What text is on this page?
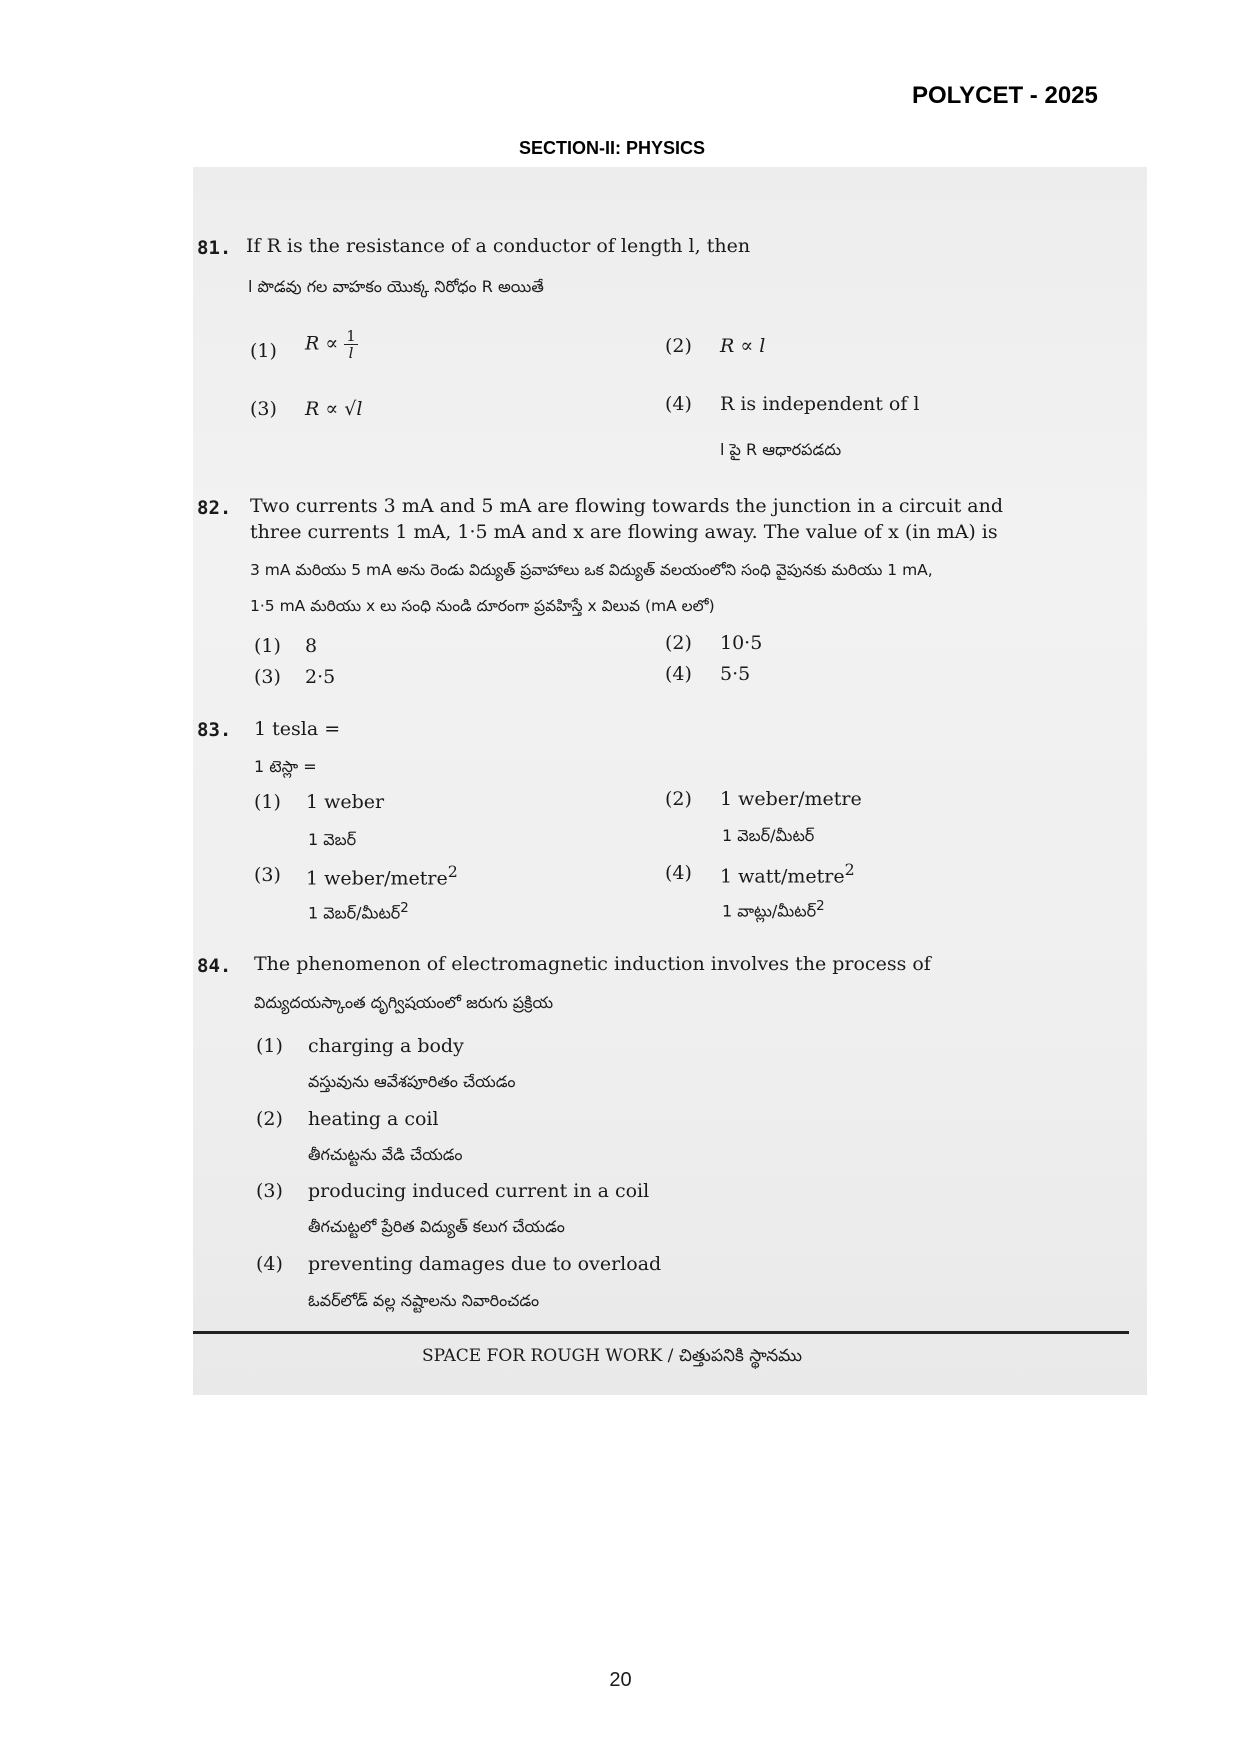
POLYCET - 2025
SECTION-II: PHYSICS
81. If R is the resistance of a conductor of length l, then
l పొడవు గల వాహకం యొక్క నిరోధం R అయితే
(1) $R \propto \frac{1}{l}$	(2) R ∝ l
(3) R ∝ √l	(4) R is independent of l
l పై R ఆధారపడదు
82. Two currents 3 mA and 5 mA are flowing towards the junction in a circuit and
three currents 1 mA, 1·5 mA and x are flowing away. The value of x (in mA) is
3 mA మరియు 5 mA అను రెండు విద్యుత్ ప్రవాహాలు ఒక విద్యుత్ వలయంలోని సంధి వైపునకు మరియు 1 mA,
1·5 mA మరియు x లు సంధి నుండి దూరంగా ప్రవహిస్తే x విలువ (mA లలో)
(1) 8	(2) 10·5
(3) 2·5	(4) 5·5
83. 1 tesla =
1 టెస్లా =
(1) 1 weber
1 వెబర్
(2) 1 weber/metre
1 వెబర్/మీటర్
(3) 1 weber/metre$^2$
1 వెబర్/మీటర్$^2$
(4) 1 watt/metre$^2$
1 వాట్లు/మీటర్$^2$
84. The phenomenon of electromagnetic induction involves the process of
విద్యుదయస్కాంత దృగ్విషయంలో జరుగు ప్రక్రియ
(1) charging a body
వస్తువును ఆవేశపూరితం చేయడం
(2) heating a coil
తీగచుట్టను వేడి చేయడం
(3) producing induced current in a coil
తీగచుట్టలో ప్రేరిత విద్యుత్ కలుగ చేయడం
(4) preventing damages due to overload
ఓవర్‌లోడ్ వల్ల నష్టాలను నివారించడం
SPACE FOR ROUGH WORK / చిత్తుపనికి స్థానము
20
